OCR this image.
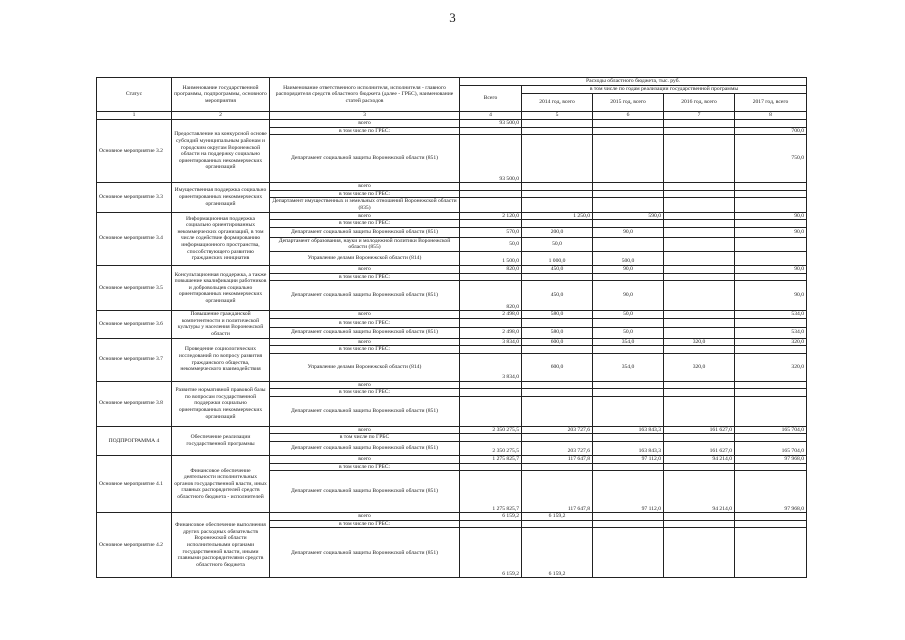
3
Статус	Наименование государственной программы, подпрограммы, основного мероприятия	Наименование ответственного исполнителя, исполнителя - главного распорядителя средств областного бюджета (далее - ГРБС), наименование статей расходов	Расходы областного бюджета, тыс. руб.				
			Всего	в том числе по годам реализации государственной программы			
				2014 год, всего	2015 год, всего	2016 год, всего	2017 год, всего
1	2	3	4	5	6	7	8
Основное мероприятие 3.2	Предоставление на конкурсной основе субсидий муниципальным районам и городским округам Воронежской области на поддержку социально ориентированных некоммерческих организаций	всего	93 500,0				
		в том числе по ГРБС:					700,0
		Департамент социальной защиты Воронежской области (851)	93 500,0				750,0
Основное мероприятие 3.3	Имущественная поддержка социально ориентированных некоммерческих организаций	всего					
		в том числе по ГРБС:					
		Департамент имущественных и земельных отношений Воронежской области (835)					
Основное мероприятие 3.4	Информационная поддержка социально ориентированных некоммерческих организаций, в том числе содействие формированию информационного пространства, способствующего развитию гражданских инициатив	всего	2 120,0	1 250,0	590,0		90,0
		в том числе по ГРБС:					
		Департамент социальной защиты Воронежской области (851)	570,0	200,0	90,0		90,0
		Департамент образования, науки и молодежной политики Воронежской области (855)	50,0	50,0			
		Управление делами Воронежской области (814)	1 500,0	1 000,0	500,0		
Основное мероприятие 3.5	Консультационная поддержка, а также повышение квалификации работников и добровольцев социально ориентированных некоммерческих организаций	всего	820,0	450,0	90,0		90,0
		в том числе по ГРБС:					
		Департамент социальной защиты Воронежской области (851)	820,0	450,0	90,0		90,0
Основное мероприятие 3.6	Повышение гражданской компетентности и политической культуры у населения Воронежской области	всего	2 498,0	580,0	50,0		534,0
		в том числе по ГРБС:					
		Департамент социальной защиты Воронежской области (851)	2 498,0	580,0	50,0		534,0
Основное мероприятие 3.7	Проведение социологических исследований по вопросу развития гражданского общества, некоммерческого взаимодействия	всего	3 834,0	600,0	354,0	320,0	320,0
		в том числе по ГРБС:					
		Управление делами Воронежской области (814)	3 834,0	600,0	354,0	320,0	320,0
Основное мероприятие 3.8	Развитие нормативной правовой базы по вопросам государственной поддержки социально ориентированных некоммерческих организаций	всего					
		в том числе по ГРБС:					
		Департамент социальной защиты Воронежской области (851)					
ПОДПРОГРАММА 4	Обеспечение реализации государственной программы	всего	2 350 275,5	203 727,6	163 843,3	161 627,0	165 704,0
		в том числе по ГРБС					
		Департамент социальной защиты Воронежской области (851)	2 350 275,5	203 727,6	163 843,3	161 627,0	165 704,0
Основное мероприятие 4.1	Финансовое обеспечение деятельности исполнительных органов государственной власти, иных главных распорядителей средств областного бюджета - исполнителей	всего	1 275 825,7	117 647,8	97 112,0	94 214,0	97 968,0
		в том числе по ГРБС:					
		Департамент социальной защиты Воронежской области (851)	1 275 825,7	117 647,8	97 112,0	94 214,0	97 968,0
Основное мероприятие 4.2	Финансовое обеспечение выполнения других расходных обязательств Воронежской области исполнительными органами государственной власти, иными главными распорядителями средств областного бюджета	всего	6 159,2	6 159,2			
		в том числе по ГРБС:					
		Департамент социальной защиты Воронежской области (851)	6 159,2	6 159,2			
